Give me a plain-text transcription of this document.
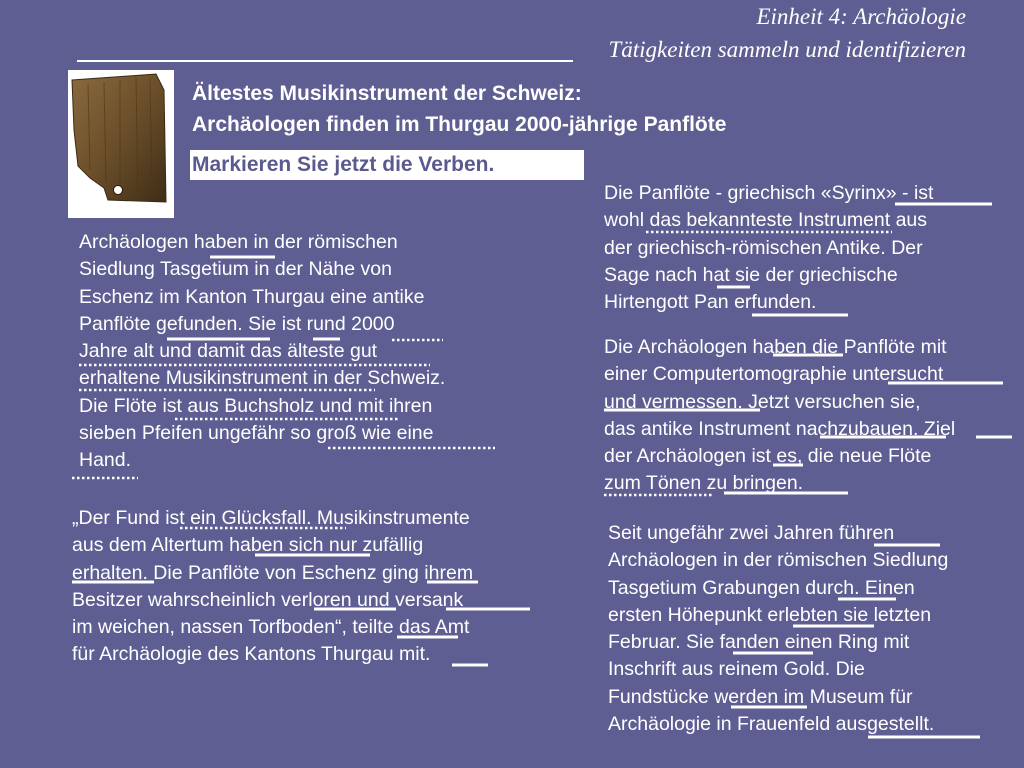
Einheit 4: Archäologie
Tätigkeiten sammeln und identifizieren
Ältestes Musikinstrument der Schweiz:
Archäologen finden im Thurgau 2000-jährige Panflöte
Markieren Sie jetzt die Verben.
Archäologen haben in der römischen
Siedlung Tasgetium in der Nähe von
Eschenz im Kanton Thurgau eine antike
Panflöte gefunden. Sie ist rund 2000
Jahre alt und damit das älteste gut
erhaltene Musikinstrument in der Schweiz.
Die Flöte ist aus Buchsholz und mit ihren
sieben Pfeifen ungefähr so groß wie eine
Hand.
„Der Fund ist ein Glücksfall. Musikinstrumente
aus dem Altertum haben sich nur zufällig
erhalten. Die Panflöte von Eschenz ging ihrem
Besitzer wahrscheinlich verloren und versank
im weichen, nassen Torfboden“, teilte das Amt
für Archäologie des Kantons Thurgau mit.
Die Panflöte - griechisch «Syrinx» - ist
wohl das bekannteste Instrument aus
der griechisch-römischen Antike. Der
Sage nach hat sie der griechische
Hirtengott Pan erfunden.
Die Archäologen haben die Panflöte mit
einer Computertomographie untersucht
und vermessen. Jetzt versuchen sie,
das antike Instrument nachzubauen. Ziel
der Archäologen ist es, die neue Flöte
zum Tönen zu bringen.
Seit ungefähr zwei Jahren führen
Archäologen in der römischen Siedlung
Tasgetium Grabungen durch. Einen
ersten Höhepunkt erlebten sie letzten
Februar. Sie fanden einen Ring mit
Inschrift aus reinem Gold. Die
Fundstücke werden im Museum für
Archäologie in Frauenfeld ausgestellt.
